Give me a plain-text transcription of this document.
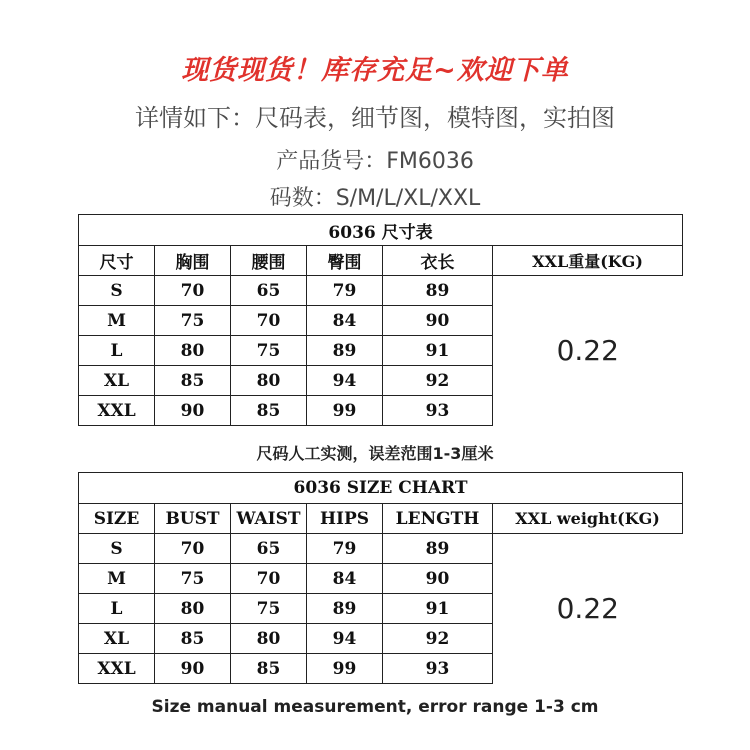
现货现货！库存充足~欢迎下单
详情如下：尺码表，细节图，模特图，实拍图
产品货号：FM6036
码数：S/M/L/XL/XXL
6036 尺寸表					
尺寸	胸围	腰围	臀围	衣长	XXL重量(KG)
S	70	65	79	89	0.22
M	75	70	84	90	
L	80	75	89	91	
XL	85	80	94	92	
XXL	90	85	99	93	
尺码人工实测，误差范围1-3厘米
6036 SIZE CHART					
SIZE	BUST	WAIST	HIPS	LENGTH	XXL weight(KG)
S	70	65	79	89	0.22
M	75	70	84	90	
L	80	75	89	91	
XL	85	80	94	92	
XXL	90	85	99	93	
Size manual measurement, error range 1-3 cm
